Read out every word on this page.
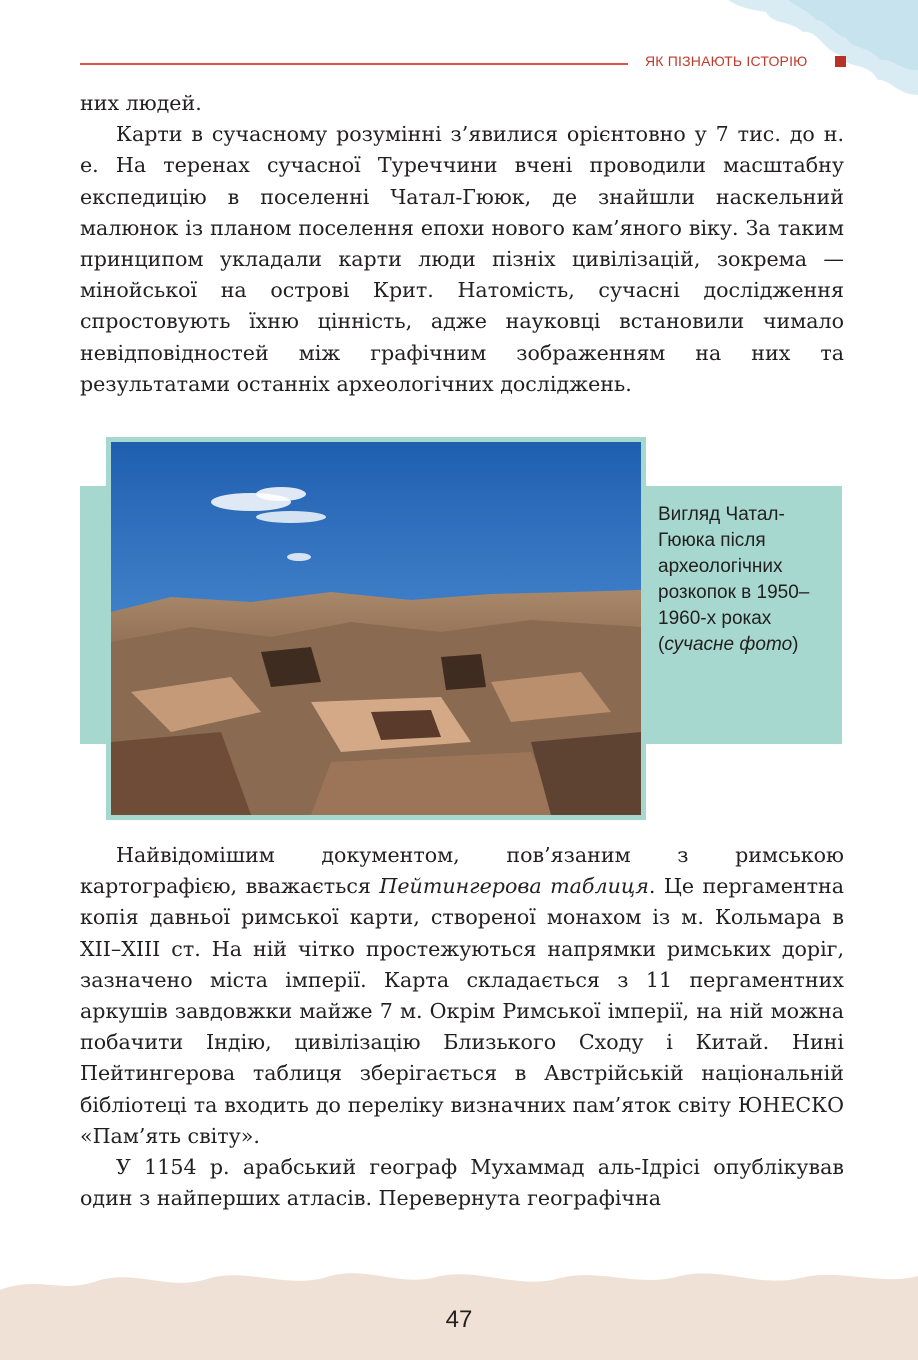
ЯК ПІЗНАЮТЬ ІСТОРІЮ

них людей.

Карти в сучасному розумінні з’явилися орієнтовно у 7 тис. до н. е. На теренах сучасної Туреччини вчені проводили масштабну експедицію в поселенні Чатал-Гююк, де знайшли наскельний малюнок із планом поселення епохи нового кам’яного віку. За таким принципом укладали карти люди пізніх цивілізацій, зокрема — мінойської на острові Крит. Натомість, сучасні дослідження спростовують їхню цінність, адже науковці встановили чимало невідповідностей між графічним зображенням на них та результатами останніх археологічних досліджень.

Вигляд Чатал-Гююка після археологічних розкопок в 1950–1960-х роках (сучасне фото)

Найвідомішим документом, пов’язаним з римською картографією, вважається Пейтингерова таблиця. Це пергаментна копія давньої римської карти, створеної монахом із м. Кольмара в XII–XIII ст. На ній чітко простежуються напрямки римських доріг, зазначено міста імперії. Карта складається з 11 пергаментних аркушів завдовжки майже 7 м. Окрім Римської імперії, на ній можна побачити Індію, цивілізацію Близького Сходу і Китай. Нині Пейтингерова таблиця зберігається в Австрійській національній бібліотеці та входить до переліку визначних пам’яток світу ЮНЕСКО «Пам’ять світу».

У 1154 р. арабський географ Мухаммад аль-Ідрісі опублікував один з найперших атласів. Перевернута географічна

47
